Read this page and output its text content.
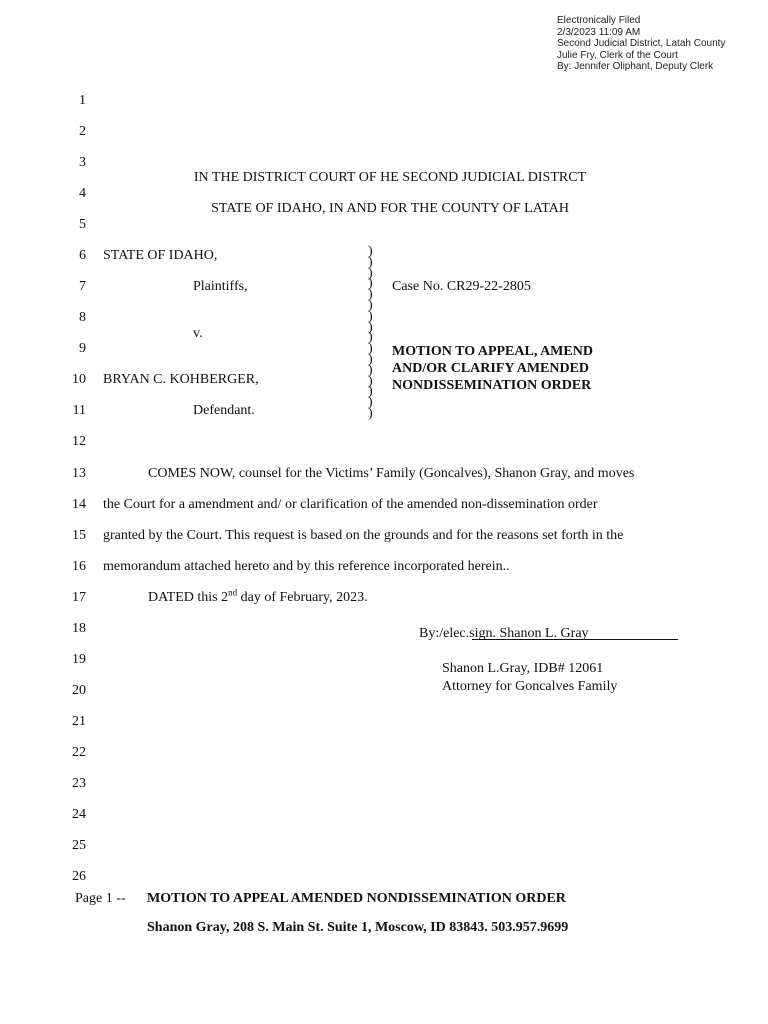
Electronically Filed
2/3/2023 11:09 AM
Second Judicial District, Latah County
Julie Fry, Clerk of the Court
By: Jennifer Oliphant, Deputy Clerk
1
2
3
4
5
6
7
8
9
10
11
12
13
14
15
16
17
18
19
20
21
22
23
24
25
26
IN THE DISTRICT COURT OF HE SECOND JUDICIAL DISTRCT
STATE OF IDAHO, IN AND FOR THE COUNTY OF LATAH
STATE OF IDAHO,
Plaintiffs,
v.
BRYAN C. KOHBERGER,
Defendant.
)
)
)
)
)
)
)
)
)
)
)
)
)
)
)
)
Case No. CR29-22-2805
MOTION TO APPEAL, AMEND
AND/OR CLARIFY AMENDED
NONDISSEMINATION ORDER
COMES NOW, counsel for the Victims’ Family (Goncalves), Shanon Gray, and moves
the Court for a amendment and/ or clarification of the amended non-dissemination order
granted by the Court. This request is based on the grounds and for the reasons set forth in the
memorandum attached hereto and by this reference incorporated herein..
DATED this 2nd day of February, 2023.
By:/elec.sign. Shanon L. Gray
Shanon L.Gray, IDB# 12061
Attorney for Goncalves Family
Page 1 -- MOTION TO APPEAL AMENDED NONDISSEMINATION ORDER
Shanon Gray, 208 S. Main St. Suite 1, Moscow, ID 83843. 503.957.9699
